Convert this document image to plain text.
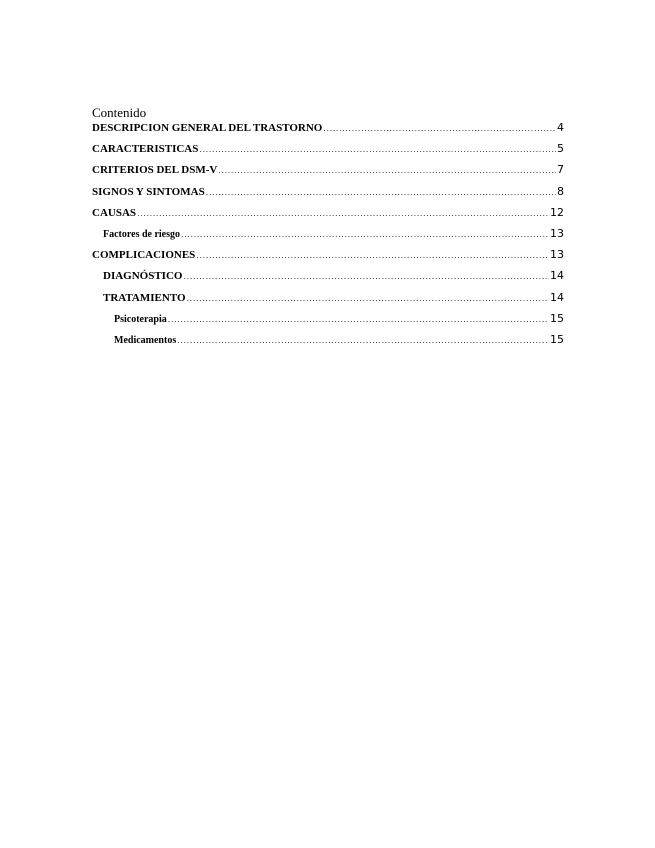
Contenido
DESCRIPCION GENERAL DEL TRASTORNO .....	4
CARACTERISTICAS .....	5
CRITERIOS DEL DSM-V .....	7
SIGNOS Y SINTOMAS .....	8
CAUSAS .....	12
Factores de riesgo .....	13
COMPLICACIONES .....	13
DIAGNÓSTICO .....	14
TRATAMIENTO .....	14
Psicoterapia .....	15
Medicamentos .....	15
